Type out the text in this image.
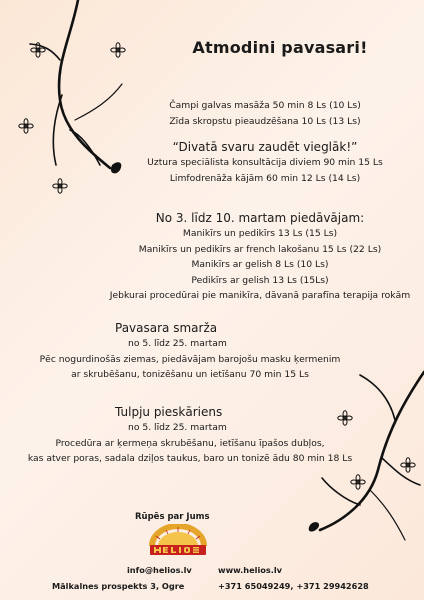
Atmodini pavasari!
Čampi galvas masāža 50 min 8 Ls (10 Ls)
Zīda skropstu pieaudzēšana 10 Ls (13 Ls)
“Divatā svaru zaudēt vieglāk!”
Uztura speciālista konsultācija diviem 90 min 15 Ls
Limfodrenāža kājām 60 min 12 Ls (14 Ls)
No 3. līdz 10. martam piedāvājam:
Manikīrs un pedikīrs 13 Ls (15 Ls)
Manikīrs un pedikīrs ar french lakošanu 15 Ls (22 Ls)
Manikīrs ar gelish 8 Ls (10 Ls)
Pedikīrs ar gelish 13 Ls (15Ls)
Jebkurai procedūrai pie manikīra, dāvanā parafīna terapija rokām
Pavasara smarža
no 5. līdz 25. martam
Pēc nogurdinošās ziemas, piedāvājam barojošu masku ķermenim
ar skrubēšanu, tonizēšanu un ietīšanu 70 min 15 Ls
Tulpju pieskāriens
no 5. līdz 25. martam
Procedūra ar ķermeņa skrubēšanu, ietīšanu īpašos dubļos,
kas atver poras, sadala dziļos taukus, baro un tonizē ādu 80 min 18 Ls
Rūpēs par Jums
info@helios.lv	www.helios.lv
Mālkalnes prospekts 3, Ogre	+371 65049249, +371 29942628
